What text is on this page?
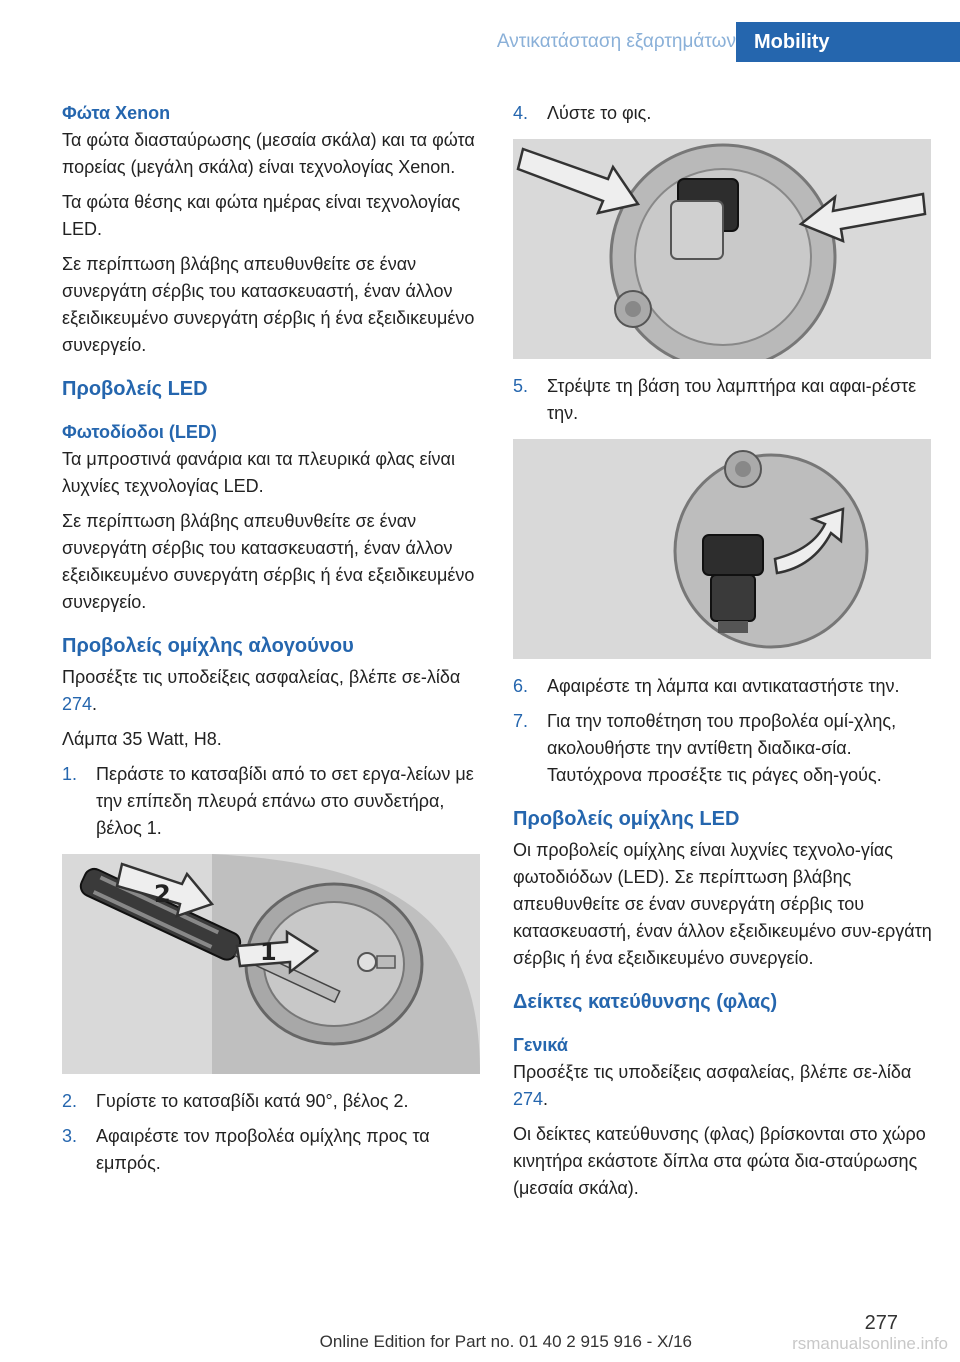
Αντικατάσταση εξαρτημάτων Mobility
Φώτα Xenon

Τα φώτα διασταύρωσης (μεσαία σκάλα) και τα φώτα πορείας (μεγάλη σκάλα) είναι τεχνολογίας Xenon.

Τα φώτα θέσης και φώτα ημέρας είναι τεχνολογίας LED.

Σε περίπτωση βλάβης απευθυνθείτε σε έναν συνεργάτη σέρβις του κατασκευαστή, έναν άλλον εξειδικευμένο συνεργάτη σέρβις ή ένα εξειδικευμένο συνεργείο.

Προβολείς LED
Φωτοδίοδοι (LED)

Τα μπροστινά φανάρια και τα πλευρικά φλας είναι λυχνίες τεχνολογίας LED.

Σε περίπτωση βλάβης απευθυνθείτε σε έναν συνεργάτη σέρβις του κατασκευαστή, έναν άλλον εξειδικευμένο συνεργάτη σέρβις ή ένα εξειδικευμένο συνεργείο.

Προβολείς ομίχλης αλογούνου

Προσέξτε τις υποδείξεις ασφαλείας, βλέπε σε‐λίδα 274.

Λάμπα 35 Watt, H8.

1. Περάστε το κατσαβίδι από το σετ εργα‐λείων με την επίπεδη πλευρά επάνω στο συνδετήρα, βέλος 1.
1
2
2. Γυρίστε το κατσαβίδι κατά 90°, βέλος 2.
3. Αφαιρέστε τον προβολέα ομίχλης προς τα εμπρός.
4. Λύστε το φις.
5. Στρέψτε τη βάση του λαμπτήρα και αφαι‐ρέστε την.
6. Αφαιρέστε τη λάμπα και αντικαταστήστε την.
7. Για την τοποθέτηση του προβολέα ομί‐χλης, ακολουθήστε την αντίθετη διαδικα‐σία. Ταυτόχρονα προσέξτε τις ράγες οδη‐γούς.
Προβολείς ομίχλης LED

Οι προβολείς ομίχλης είναι λυχνίες τεχνολο‐γίας φωτοδιόδων (LED). Σε περίπτωση βλάβης απευθυνθείτε σε έναν συνεργάτη σέρβις του κατασκευαστή, έναν άλλον εξειδικευμένο συν‐εργάτη σέρβις ή ένα εξειδικευμένο συνεργείο.

Δείκτες κατεύθυνσης (φλας)
Γενικά

Προσέξτε τις υποδείξεις ασφαλείας, βλέπε σε‐λίδα 274.

Οι δείκτες κατεύθυνσης (φλας) βρίσκονται στο χώρο κινητήρα εκάστοτε δίπλα στα φώτα δια‐σταύρωσης (μεσαία σκάλα).

277
Online Edition for Part no. 01 40 2 915 916 - X/16	rsmanualsonline.info
